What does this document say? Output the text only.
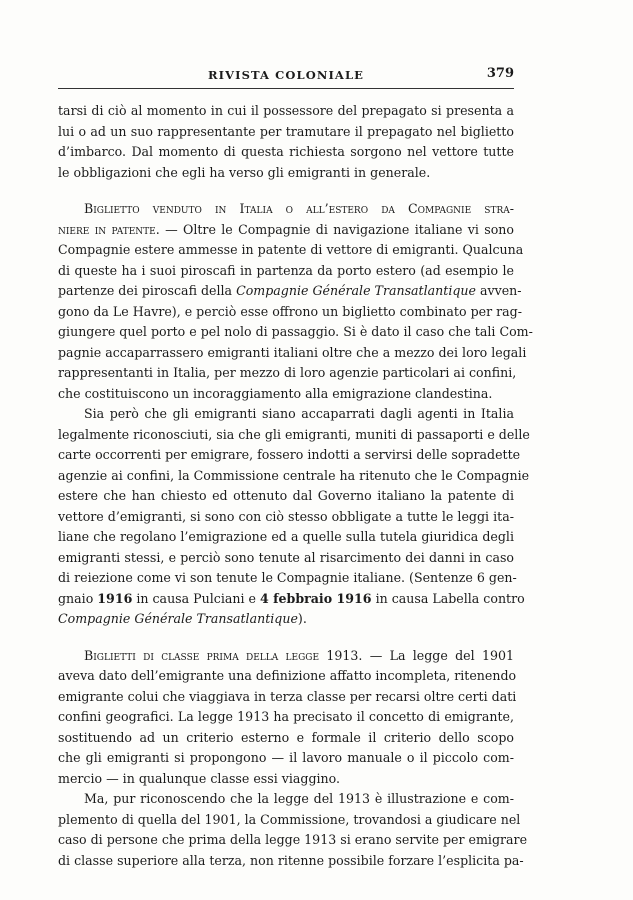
RIVISTA COLONIALE	379
tarsi di ciò al momento in cui il possessore del prepagato si presenta a
lui o ad un suo rappresentante per tramutare il prepagato nel biglietto
d’imbarco. Dal momento di questa richiesta sorgono nel vettore tutte
le obbligazioni che egli ha verso gli emigranti in generale.
Biglietto venduto in Italia o all’estero da Compagnie stra-
niere in patente. — Oltre le Compagnie di navigazione italiane vi sono
Compagnie estere ammesse in patente di vettore di emigranti. Qualcuna
di queste ha i suoi piroscafi in partenza da porto estero (ad esempio le
partenze dei piroscafi della Compagnie Générale Transatlantique avven-
gono da Le Havre), e perciò esse offrono un biglietto combinato per rag-
giungere quel porto e pel nolo di passaggio. Si è dato il caso che tali Com-
pagnie accaparrassero emigranti italiani oltre che a mezzo dei loro legali
rappresentanti in Italia, per mezzo di loro agenzie particolari ai confini,
che costituiscono un incoraggiamento alla emigrazione clandestina.
Sia però che gli emigranti siano accaparrati dagli agenti in Italia
legalmente riconosciuti, sia che gli emigranti, muniti di passaporti e delle
carte occorrenti per emigrare, fossero indotti a servirsi delle sopradette
agenzie ai confini, la Commissione centrale ha ritenuto che le Compagnie
estere che han chiesto ed ottenuto dal Governo italiano la patente di
vettore d’emigranti, si sono con ciò stesso obbligate a tutte le leggi ita-
liane che regolano l’emigrazione ed a quelle sulla tutela giuridica degli
emigranti stessi, e perciò sono tenute al risarcimento dei danni in caso
di reiezione come vi son tenute le Compagnie italiane. (Sentenze 6 gen-
gnaio 1916 in causa Pulciani e 4 febbraio 1916 in causa Labella contro
Compagnie Générale Transatlantique).
Biglietti di classe prima della legge 1913. — La legge del 1901
aveva dato dell’emigrante una definizione affatto incompleta, ritenendo
emigrante colui che viaggiava in terza classe per recarsi oltre certi dati
confini geografici. La legge 1913 ha precisato il concetto di emigrante,
sostituendo ad un criterio esterno e formale il criterio dello scopo
che gli emigranti si propongono — il lavoro manuale o il piccolo com-
mercio — in qualunque classe essi viaggino.
Ma, pur riconoscendo che la legge del 1913 è illustrazione e com-
plemento di quella del 1901, la Commissione, trovandosi a giudicare nel
caso di persone che prima della legge 1913 si erano servite per emigrare
di classe superiore alla terza, non ritenne possibile forzare l’esplicita pa-
